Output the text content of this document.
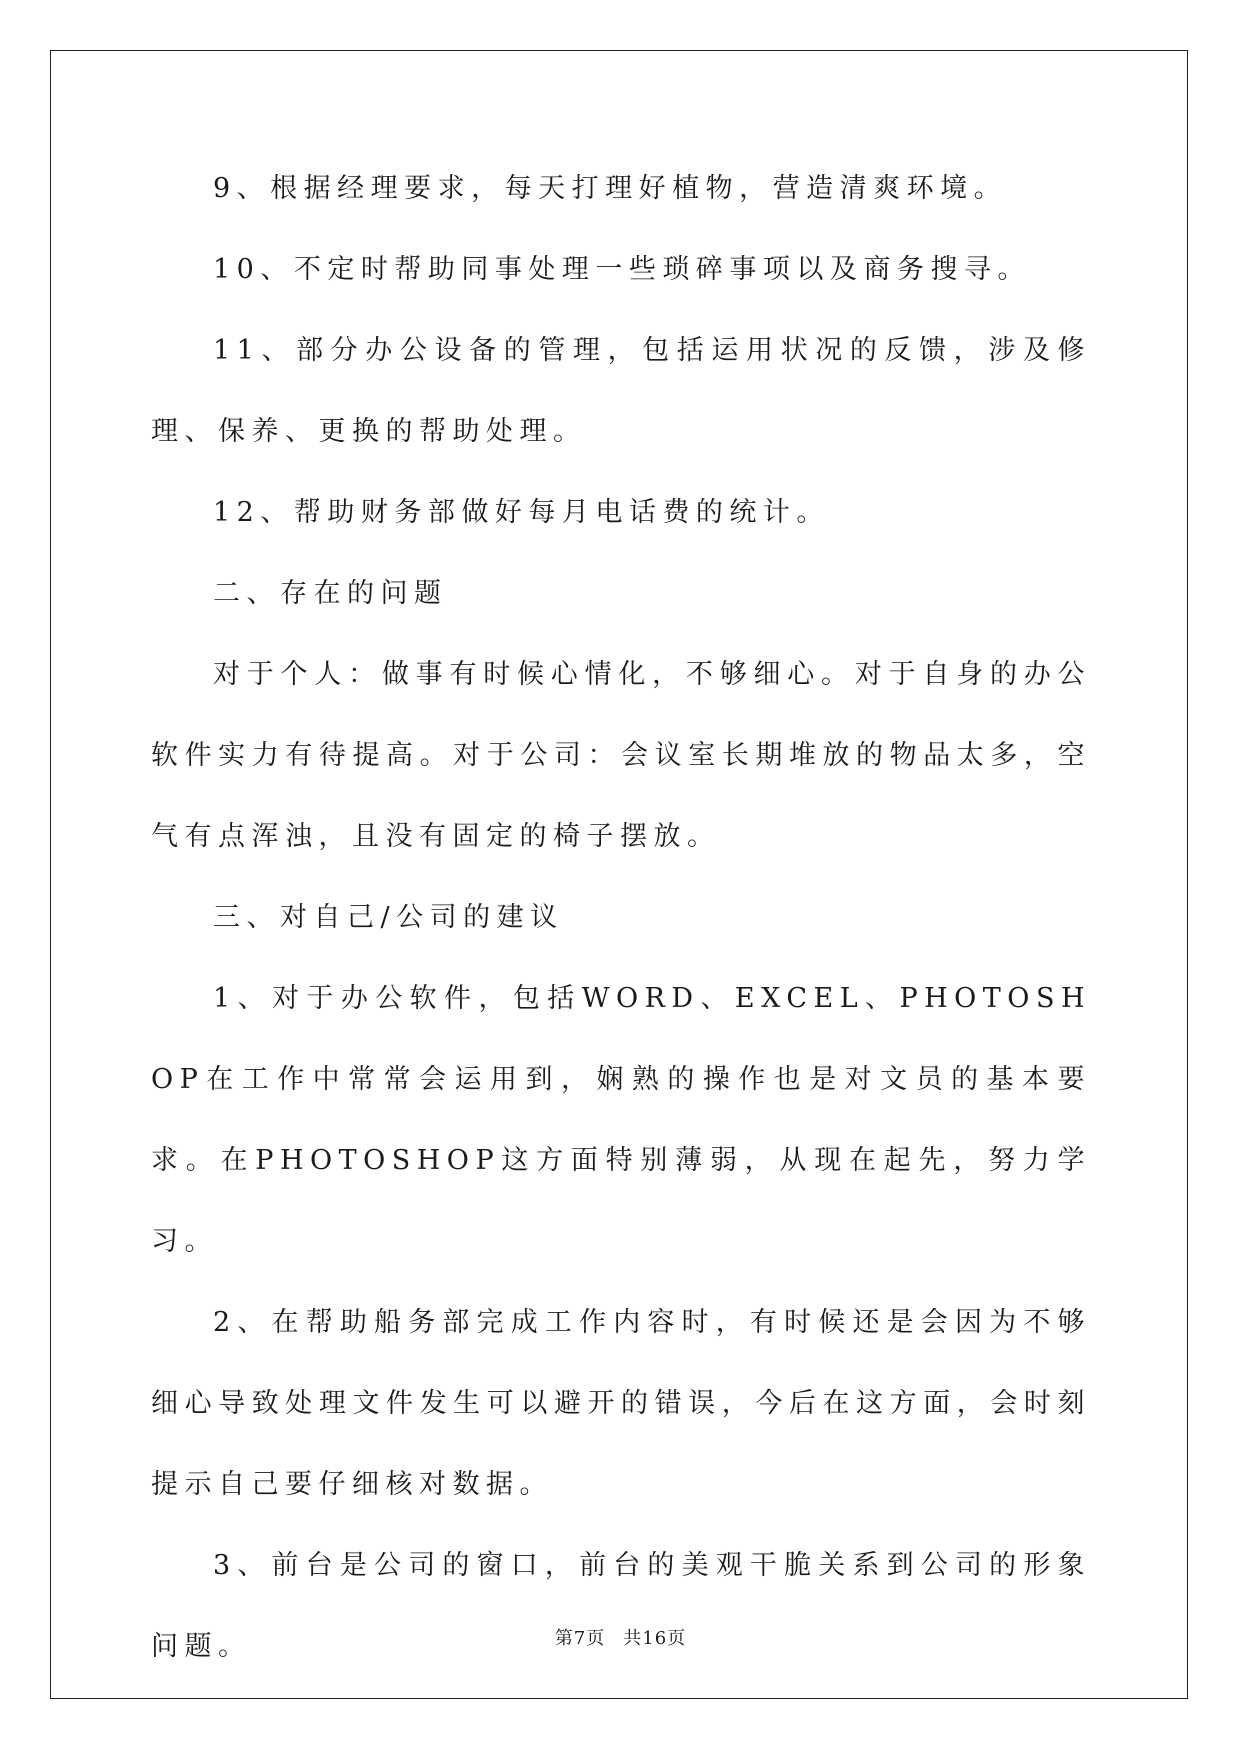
9、根据经理要求，每天打理好植物，营造清爽环境。

10、不定时帮助同事处理一些琐碎事项以及商务搜寻。

11、部分办公设备的管理，包括运用状况的反馈，涉及修理、保养、更换的帮助处理。

12、帮助财务部做好每月电话费的统计。

二、存在的问题

对于个人：做事有时候心情化，不够细心。对于自身的办公软件实力有待提高。对于公司：会议室长期堆放的物品太多，空气有点浑浊，且没有固定的椅子摆放。

三、对自己/公司的建议

1、对于办公软件，包括WORD、EXCEL、PHOTOSHOP在工作中常常会运用到，娴熟的操作也是对文员的基本要求。在PHOTOSHOP这方面特别薄弱，从现在起先，努力学习。

2、在帮助船务部完成工作内容时，有时候还是会因为不够细心导致处理文件发生可以避开的错误，今后在这方面，会时刻提示自己要仔细核对数据。

3、前台是公司的窗口，前台的美观干脆关系到公司的形象问题。	第7页 共16页
